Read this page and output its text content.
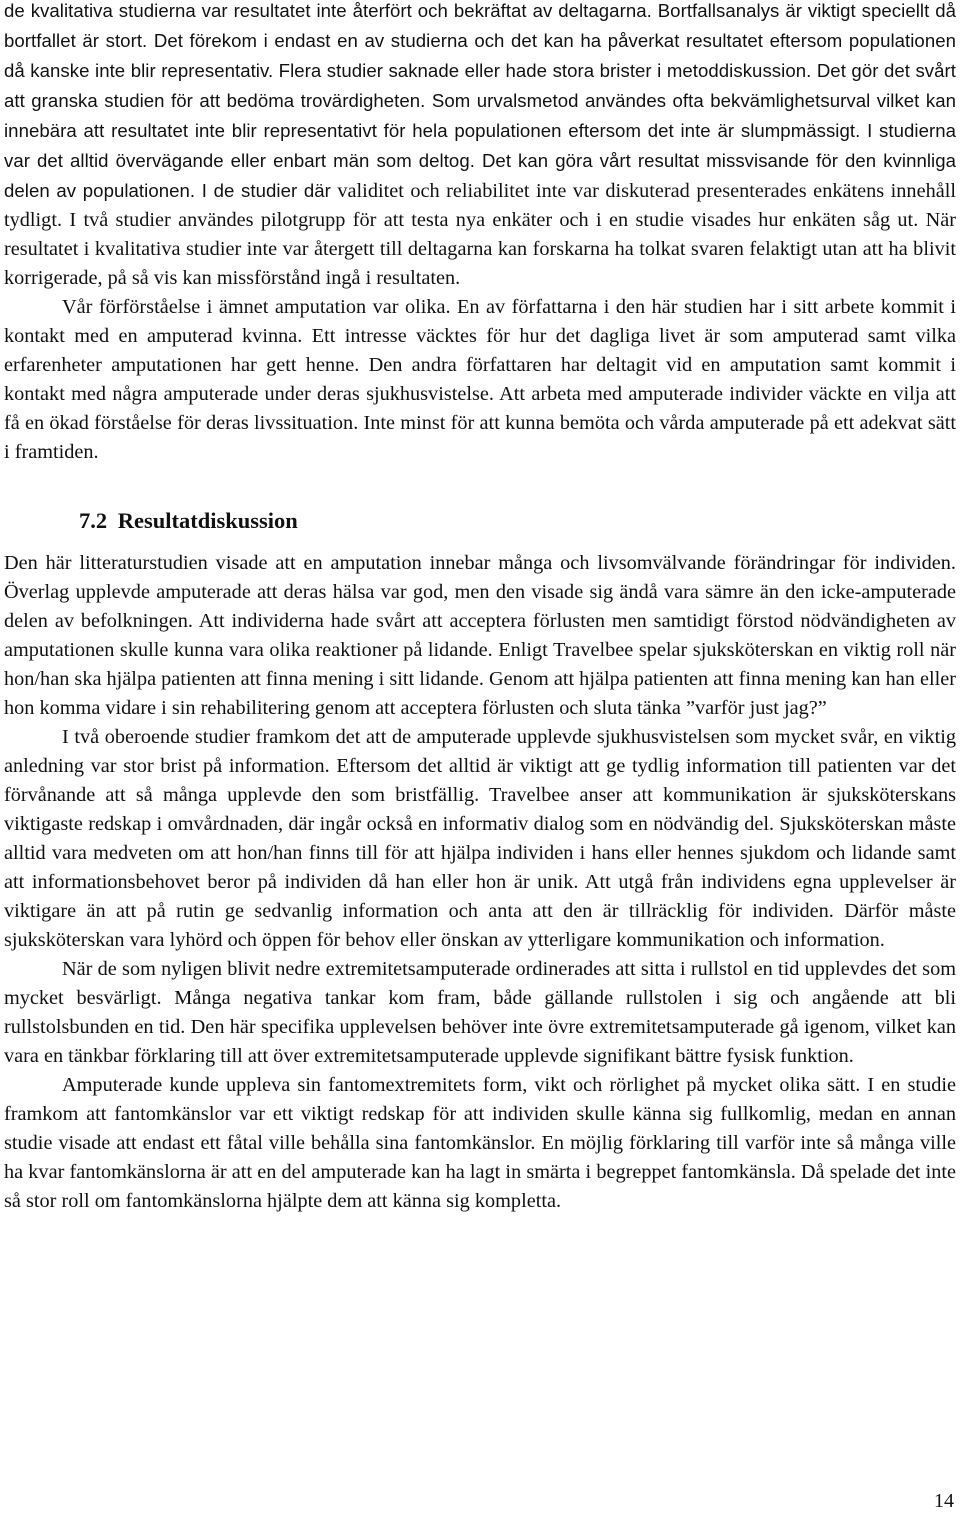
de kvalitativa studierna var resultatet inte återfört och bekräftat av deltagarna. Bortfallsanalys är viktigt speciellt då bortfallet är stort. Det förekom i endast en av studierna och det kan ha påverkat resultatet eftersom populationen då kanske inte blir representativ. Flera studier saknade eller hade stora brister i metoddiskussion. Det gör det svårt att granska studien för att bedöma trovärdigheten. Som urvalsmetod användes ofta bekvämlighetsurval vilket kan innebära att resultatet inte blir representativt för hela populationen eftersom det inte är slumpmässigt. I studierna var det alltid övervägande eller enbart män som deltog. Det kan göra vårt resultat missvisande för den kvinnliga delen av populationen. I de studier där validitet och reliabilitet inte var diskuterad presenterades enkätens innehåll tydligt. I två studier användes pilotgrupp för att testa nya enkäter och i en studie visades hur enkäten såg ut. När resultatet i kvalitativa studier inte var återgett till deltagarna kan forskarna ha tolkat svaren felaktigt utan att ha blivit korrigerade, på så vis kan missförstånd ingå i resultaten.

Vår förförståelse i ämnet amputation var olika. En av författarna i den här studien har i sitt arbete kommit i kontakt med en amputerad kvinna. Ett intresse väcktes för hur det dagliga livet är som amputerad samt vilka erfarenheter amputationen har gett henne. Den andra författaren har deltagit vid en amputation samt kommit i kontakt med några amputerade under deras sjukhusvistelse. Att arbeta med amputerade individer väckte en vilja att få en ökad förståelse för deras livssituation. Inte minst för att kunna bemöta och vårda amputerade på ett adekvat sätt i framtiden.

7.2 Resultatdiskussion

Den här litteraturstudien visade att en amputation innebar många och livsomvälvande förändringar för individen. Överlag upplevde amputerade att deras hälsa var god, men den visade sig ändå vara sämre än den icke-amputerade delen av befolkningen. Att individerna hade svårt att acceptera förlusten men samtidigt förstod nödvändigheten av amputationen skulle kunna vara olika reaktioner på lidande. Enligt Travelbee spelar sjuksköterskan en viktig roll när hon/han ska hjälpa patienten att finna mening i sitt lidande. Genom att hjälpa patienten att finna mening kan han eller hon komma vidare i sin rehabilitering genom att acceptera förlusten och sluta tänka ”varför just jag?”

I två oberoende studier framkom det att de amputerade upplevde sjukhusvistelsen som mycket svår, en viktig anledning var stor brist på information. Eftersom det alltid är viktigt att ge tydlig information till patienten var det förvånande att så många upplevde den som bristfällig. Travelbee anser att kommunikation är sjuksköterskans viktigaste redskap i omvårdnaden, där ingår också en informativ dialog som en nödvändig del. Sjuksköterskan måste alltid vara medveten om att hon/han finns till för att hjälpa individen i hans eller hennes sjukdom och lidande samt att informationsbehovet beror på individen då han eller hon är unik. Att utgå från individens egna upplevelser är viktigare än att på rutin ge sedvanlig information och anta att den är tillräcklig för individen. Därför måste sjuksköterskan vara lyhörd och öppen för behov eller önskan av ytterligare kommunikation och information.

När de som nyligen blivit nedre extremitetsamputerade ordinerades att sitta i rullstol en tid upplevdes det som mycket besvärligt. Många negativa tankar kom fram, både gällande rullstolen i sig och angående att bli rullstolsbunden en tid. Den här specifika upplevelsen behöver inte övre extremitetsamputerade gå igenom, vilket kan vara en tänkbar förklaring till att över extremitetsamputerade upplevde signifikant bättre fysisk funktion.

Amputerade kunde uppleva sin fantomextremitets form, vikt och rörlighet på mycket olika sätt. I en studie framkom att fantomkänslor var ett viktigt redskap för att individen skulle känna sig fullkomlig, medan en annan studie visade att endast ett fåtal ville behålla sina fantomkänslor. En möjlig förklaring till varför inte så många ville ha kvar fantomkänslorna är att en del amputerade kan ha lagt in smärta i begreppet fantomkänsla. Då spelade det inte så stor roll om fantomkänslorna hjälpte dem att känna sig kompletta.

14
